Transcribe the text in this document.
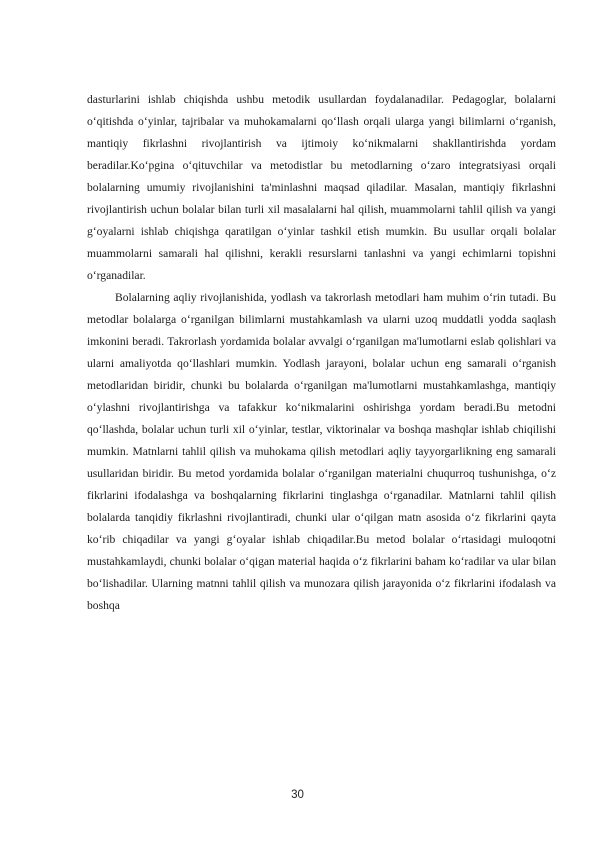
dasturlarini ishlab chiqishda ushbu metodik usullardan foydalanadilar. Pedagoglar, bolalarni o‘qitishda o‘yinlar, tajribalar va muhokamalarni qo‘llash orqali ularga yangi bilimlarni o‘rganish, mantiqiy fikrlashni rivojlantirish va ijtimoiy ko‘nikmalarni shakllantirishda yordam beradilar.Ko‘pgina o‘qituvchilar va metodistlar bu metodlarning o‘zaro integratsiyasi orqali bolalarning umumiy rivojlanishini ta'minlashni maqsad qiladilar. Masalan, mantiqiy fikrlashni rivojlantirish uchun bolalar bilan turli xil masalalarni hal qilish, muammolarni tahlil qilish va yangi g‘oyalarni ishlab chiqishga qaratilgan o‘yinlar tashkil etish mumkin. Bu usullar orqali bolalar muammolarni samarali hal qilishni, kerakli resurslarni tanlashni va yangi echimlarni topishni o‘rganadilar.

Bolalarning aqliy rivojlanishida, yodlash va takrorlash metodlari ham muhim o‘rin tutadi. Bu metodlar bolalarga o‘rganilgan bilimlarni mustahkamlash va ularni uzoq muddatli yodda saqlash imkonini beradi. Takrorlash yordamida bolalar avvalgi o‘rganilgan ma'lumotlarni eslab qolishlari va ularni amaliyotda qo‘llashlari mumkin. Yodlash jarayoni, bolalar uchun eng samarali o‘rganish metodlaridan biridir, chunki bu bolalarda o‘rganilgan ma'lumotlarni mustahkamlashga, mantiqiy o‘ylashni rivojlantirishga va tafakkur ko‘nikmalarini oshirishga yordam beradi.Bu metodni qo‘llashda, bolalar uchun turli xil o‘yinlar, testlar, viktorinalar va boshqa mashqlar ishlab chiqilishi mumkin. Matnlarni tahlil qilish va muhokama qilish metodlari aqliy tayyorgarlikning eng samarali usullaridan biridir. Bu metod yordamida bolalar o‘rganilgan materialni chuqurroq tushunishga, o‘z fikrlarini ifodalashga va boshqalarning fikrlarini tinglashga o‘rganadilar. Matnlarni tahlil qilish bolalarda tanqidiy fikrlashni rivojlantiradi, chunki ular o‘qilgan matn asosida o‘z fikrlarini qayta ko‘rib chiqadilar va yangi g‘oyalar ishlab chiqadilar.Bu metod bolalar o‘rtasidagi muloqotni mustahkamlaydi, chunki bolalar o‘qigan material haqida o‘z fikrlarini baham ko‘radilar va ular bilan bo‘lishadilar. Ularning matnni tahlil qilish va munozara qilish jarayonida o‘z fikrlarini ifodalash va boshqa

30
